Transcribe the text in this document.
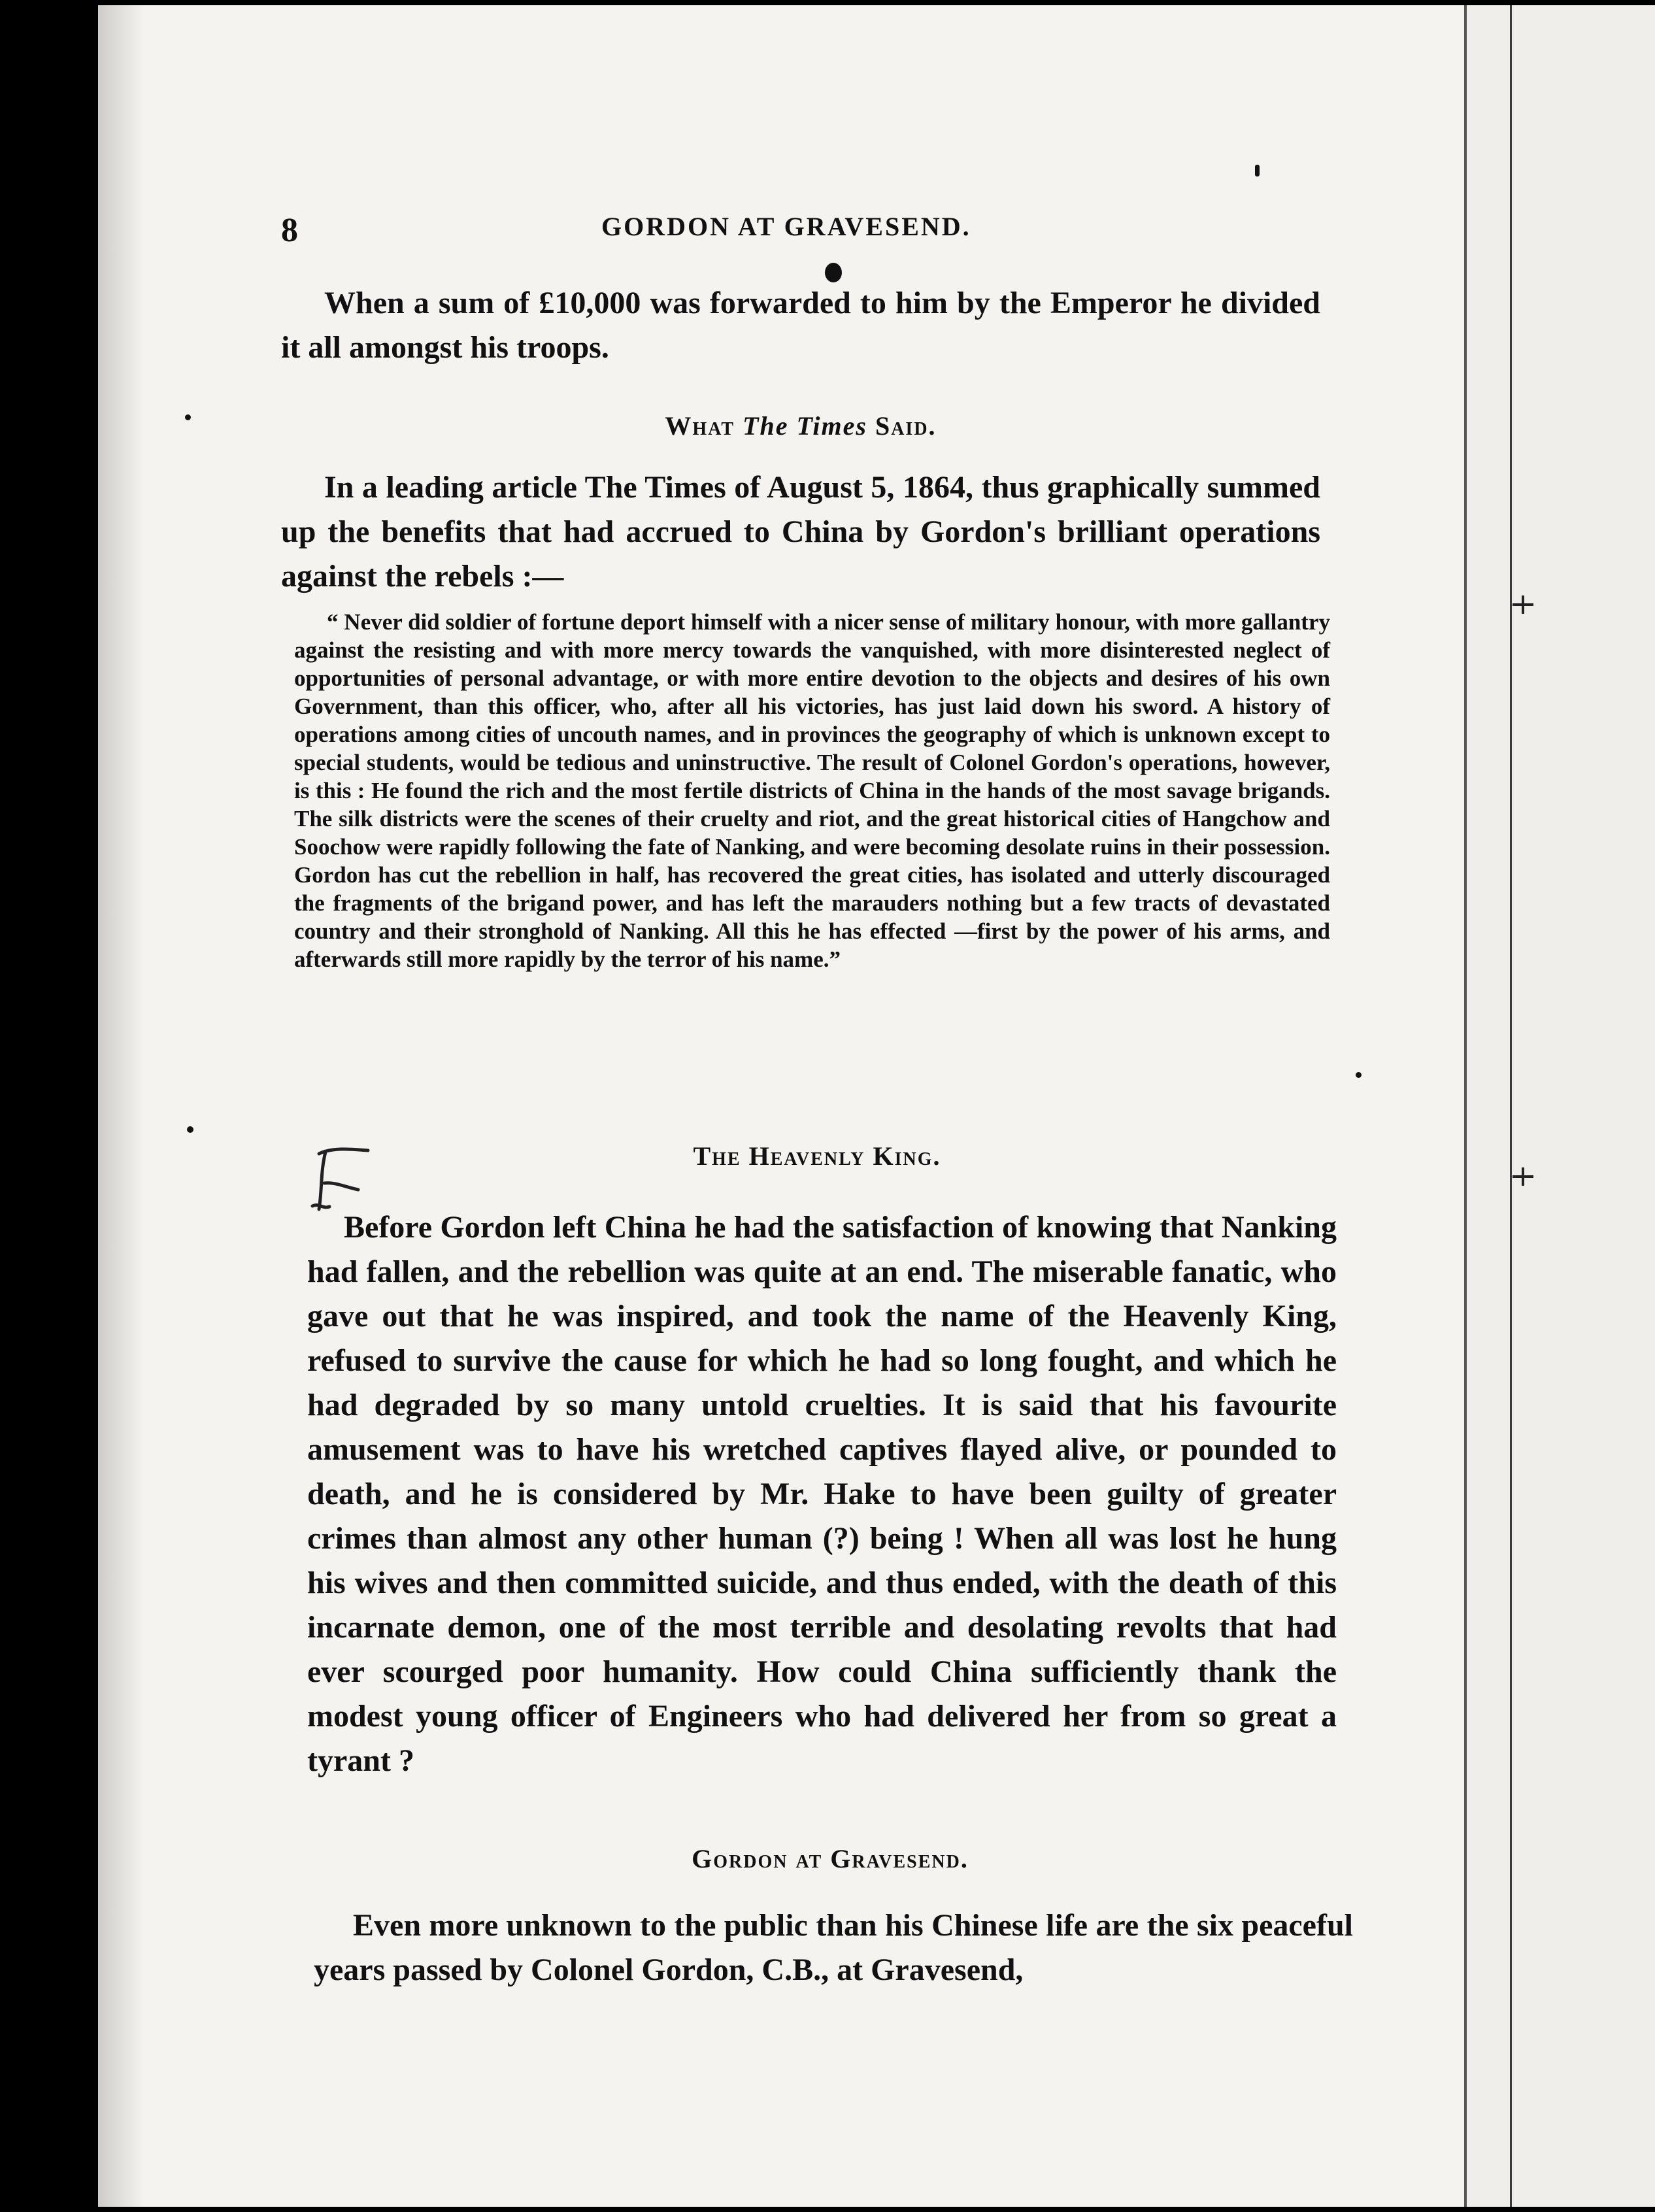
8	GORDON AT GRAVESEND.

When a sum of £10,000 was forwarded to him by the Emperor he divided it all amongst his troops.

What The Times Said.

In a leading article The Times of August 5, 1864, thus graphically summed up the benefits that had accrued to China by Gordon's brilliant operations against the rebels :—

“ Never did soldier of fortune deport himself with a nicer sense of military honour, with more gallantry against the resisting and with more mercy towards the vanquished, with more disinterested neglect of opportunities of personal advantage, or with more entire devotion to the objects and desires of his own Government, than this officer, who, after all his victories, has just laid down his sword. A history of operations among cities of uncouth names, and in provinces the geography of which is unknown except to special students, would be tedious and uninstructive. The result of Colonel Gordon's operations, however, is this : He found the rich and the most fertile districts of China in the hands of the most savage brigands. The silk districts were the scenes of their cruelty and riot, and the great historical cities of Hangchow and Soochow were rapidly following the fate of Nanking, and were becoming desolate ruins in their possession. Gordon has cut the rebellion in half, has recovered the great cities, has isolated and utterly discouraged the fragments of the brigand power, and has left the marauders nothing but a few tracts of devastated country and their stronghold of Nanking. All this he has effected —first by the power of his arms, and afterwards still more rapidly by the terror of his name.”

The Heavenly King.

Before Gordon left China he had the satisfaction of knowing that Nanking had fallen, and the rebellion was quite at an end. The miserable fanatic, who gave out that he was inspired, and took the name of the Heavenly King, refused to survive the cause for which he had so long fought, and which he had degraded by so many untold cruelties. It is said that his favourite amusement was to have his wretched captives flayed alive, or pounded to death, and he is considered by Mr. Hake to have been guilty of greater crimes than almost any other human (?) being ! When all was lost he hung his wives and then committed suicide, and thus ended, with the death of this incarnate demon, one of the most terrible and desolating revolts that had ever scourged poor humanity. How could China sufficiently thank the modest young officer of Engineers who had delivered her from so great a tyrant ?

Gordon at Gravesend.

Even more unknown to the public than his Chinese life are the six peaceful years passed by Colonel Gordon, C.B., at Gravesend,
